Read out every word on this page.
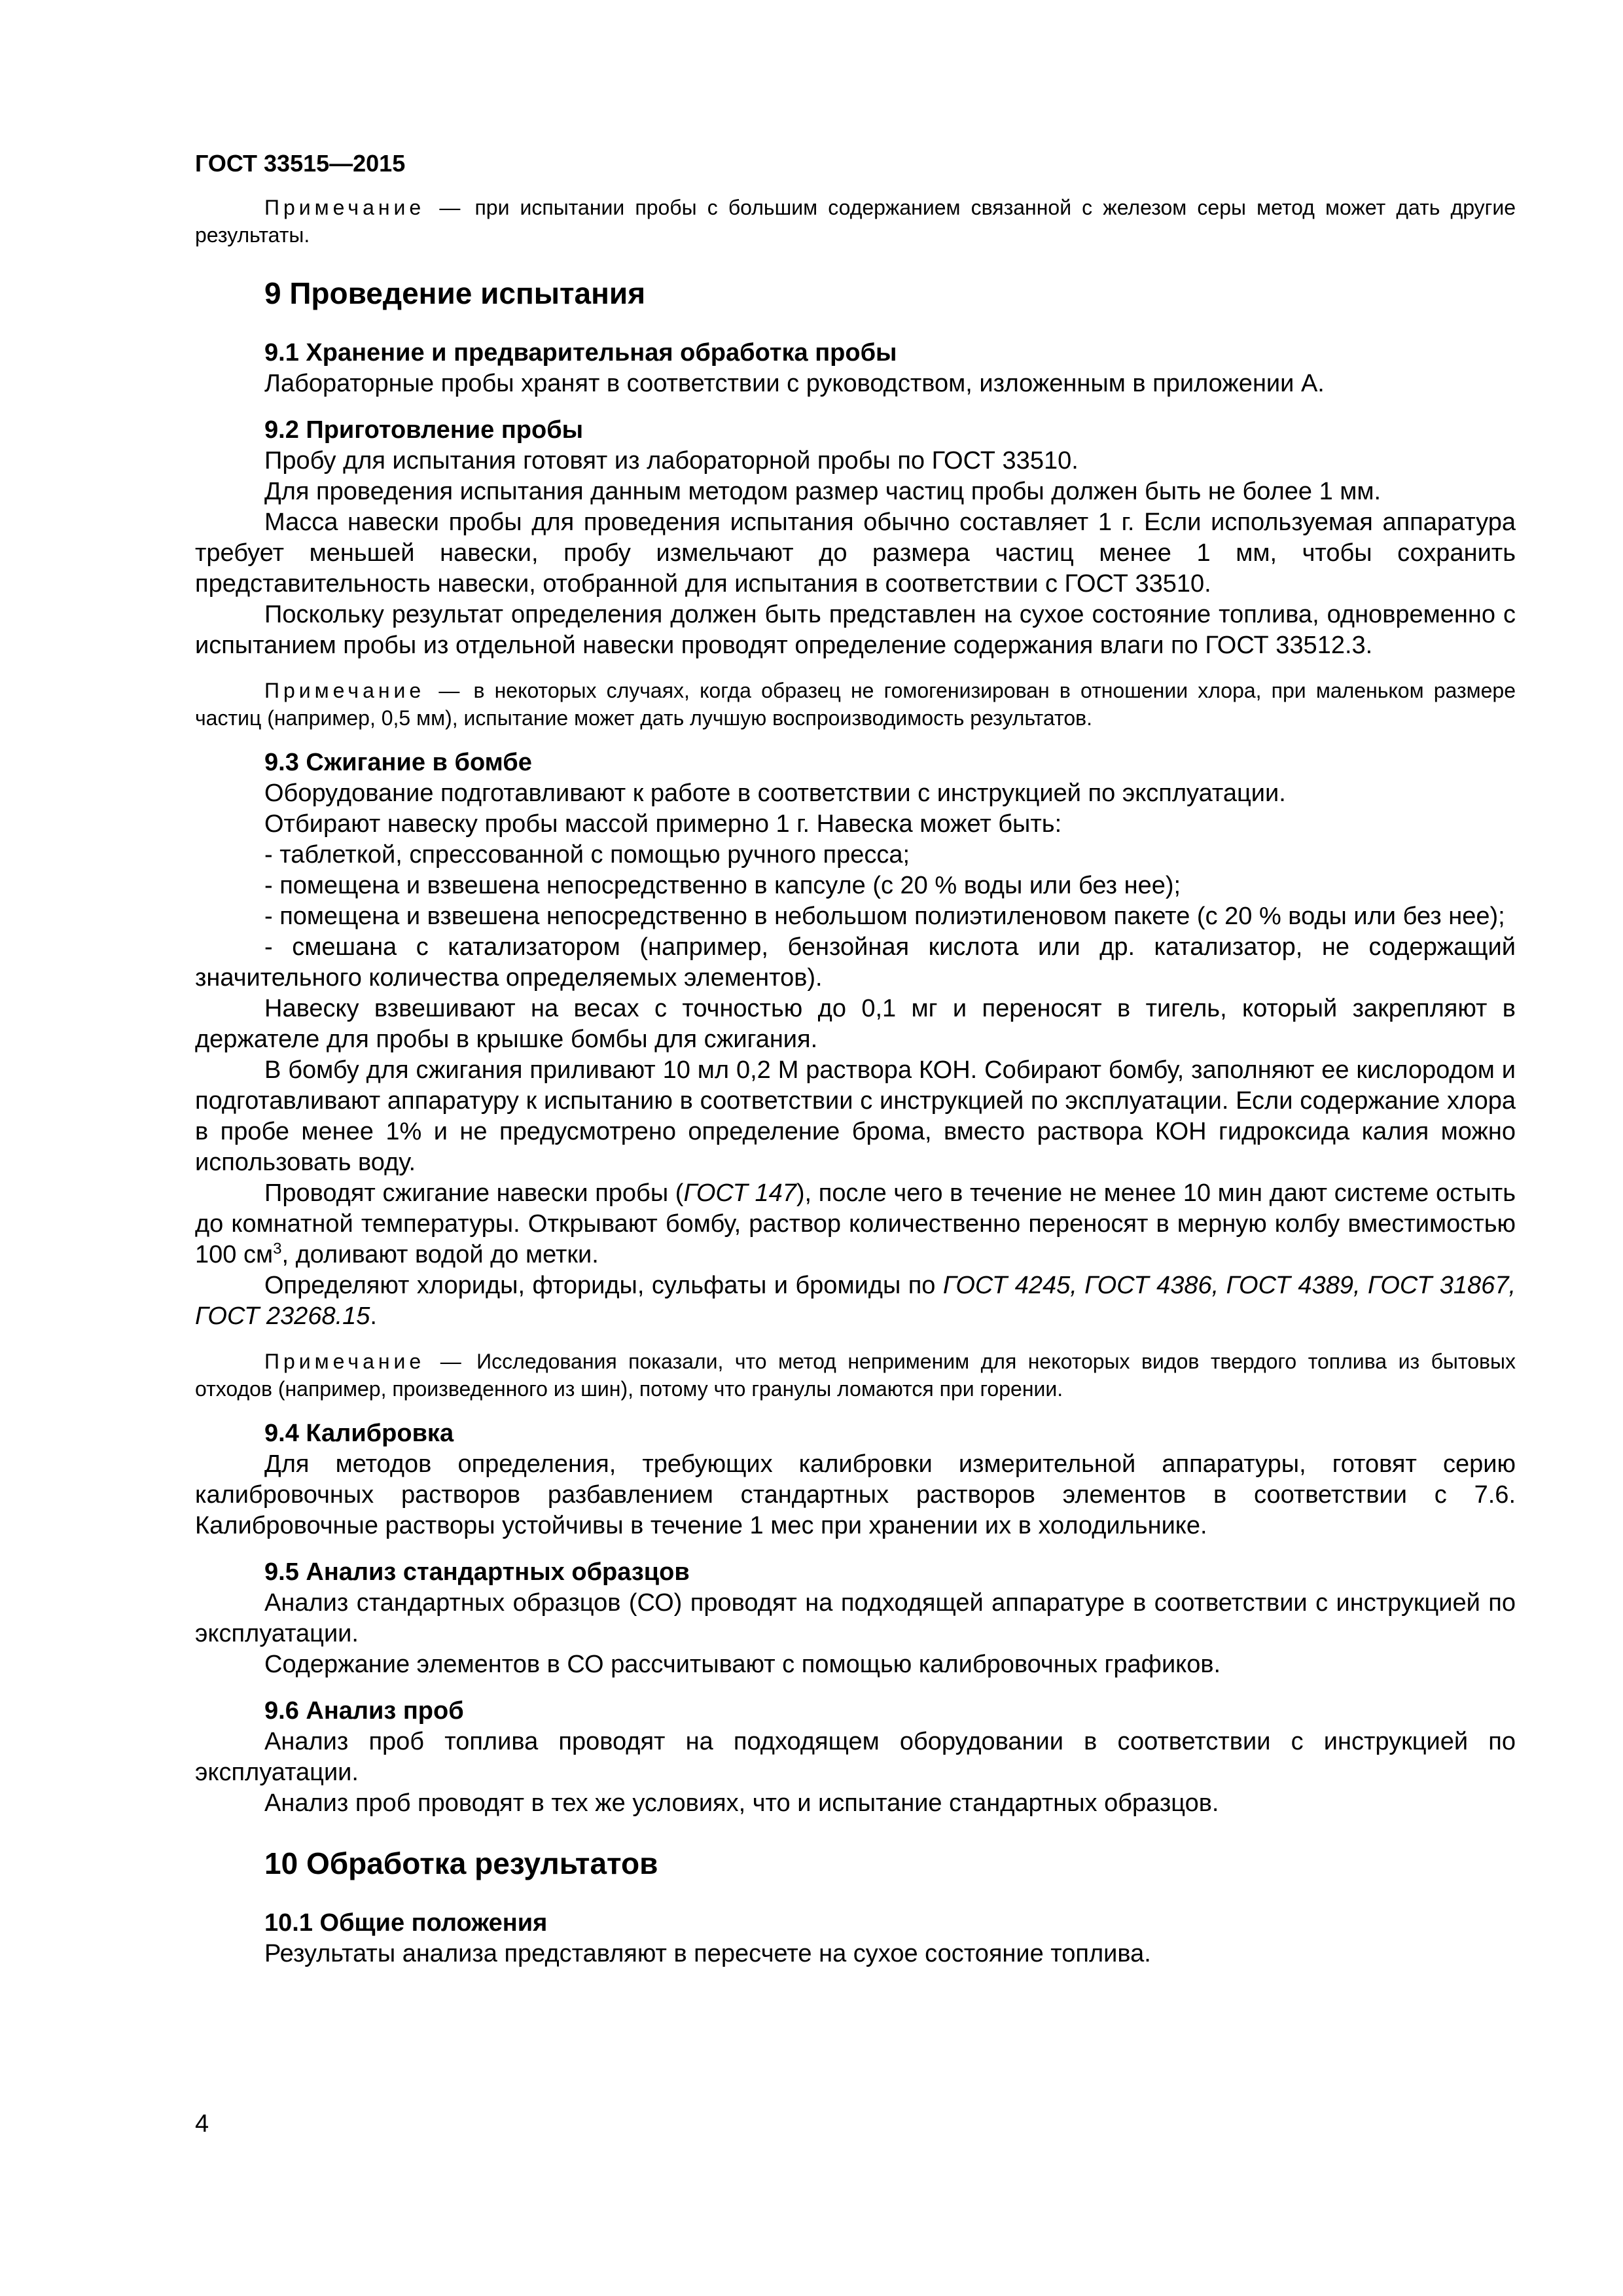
ГОСТ 33515—2015

Примечание — при испытании пробы с большим содержанием связанной с железом серы метод может дать другие результаты.

9 Проведение испытания
9.1 Хранение и предварительная обработка пробы

Лабораторные пробы хранят в соответствии с руководством, изложенным в приложении А.

9.2 Приготовление пробы

Пробу для испытания готовят из лабораторной пробы по ГОСТ 33510.

Для проведения испытания данным методом размер частиц пробы должен быть не более 1 мм.

Масса навески пробы для проведения испытания обычно составляет 1 г. Если используемая аппаратура требует меньшей навески, пробу измельчают до размера частиц менее 1 мм, чтобы сохранить представительность навески, отобранной для испытания в соответствии с ГОСТ 33510.

Поскольку результат определения должен быть представлен на сухое состояние топлива, одновременно с испытанием пробы из отдельной навески проводят определение содержания влаги по ГОСТ 33512.3.

Примечание — в некоторых случаях, когда образец не гомогенизирован в отношении хлора, при маленьком размере частиц (например, 0,5 мм), испытание может дать лучшую воспроизводимость результатов.

9.3 Сжигание в бомбе

Оборудование подготавливают к работе в соответствии с инструкцией по эксплуатации.

Отбирают навеску пробы массой примерно 1 г. Навеска может быть:

- таблеткой, спрессованной с помощью ручного пресса;

- помещена и взвешена непосредственно в капсуле (с 20 % воды или без нее);

- помещена и взвешена непосредственно в небольшом полиэтиленовом пакете (с 20 % воды или без нее);

- смешана с катализатором (например, бензойная кислота или др. катализатор, не содержащий значительного количества определяемых элементов).

Навеску взвешивают на весах с точностью до 0,1 мг и переносят в тигель, который закрепляют в держателе для пробы в крышке бомбы для сжигания.

В бомбу для сжигания приливают 10 мл 0,2 М раствора КОН. Собирают бомбу, заполняют ее кислородом и подготавливают аппаратуру к испытанию в соответствии с инструкцией по эксплуатации. Если содержание хлора в пробе менее 1% и не предусмотрено определение брома, вместо раствора КОН гидроксида калия можно использовать воду.

Проводят сжигание навески пробы (ГОСТ 147), после чего в течение не менее 10 мин дают системе остыть до комнатной температуры. Открывают бомбу, раствор количественно переносят в мерную колбу вместимостью 100 $см^3$, доливают водой до метки.

Определяют хлориды, фториды, сульфаты и бромиды по ГОСТ 4245, ГОСТ 4386, ГОСТ 4389, ГОСТ 31867, ГОСТ 23268.15.

Примечание — Исследования показали, что метод неприменим для некоторых видов твердого топлива из бытовых отходов (например, произведенного из шин), потому что гранулы ломаются при горении.

9.4 Калибровка

Для методов определения, требующих калибровки измерительной аппаратуры, готовят серию калибровочных растворов разбавлением стандартных растворов элементов в соответствии с 7.6. Калибровочные растворы устойчивы в течение 1 мес при хранении их в холодильнике.

9.5 Анализ стандартных образцов

Анализ стандартных образцов (СО) проводят на подходящей аппаратуре в соответствии с инструкцией по эксплуатации.

Содержание элементов в СО рассчитывают с помощью калибровочных графиков.

9.6 Анализ проб

Анализ проб топлива проводят на подходящем оборудовании в соответствии с инструкцией по эксплуатации.

Анализ проб проводят в тех же условиях, что и испытание стандартных образцов.

10 Обработка результатов
10.1 Общие положения

Результаты анализа представляют в пересчете на сухое состояние топлива.

4
